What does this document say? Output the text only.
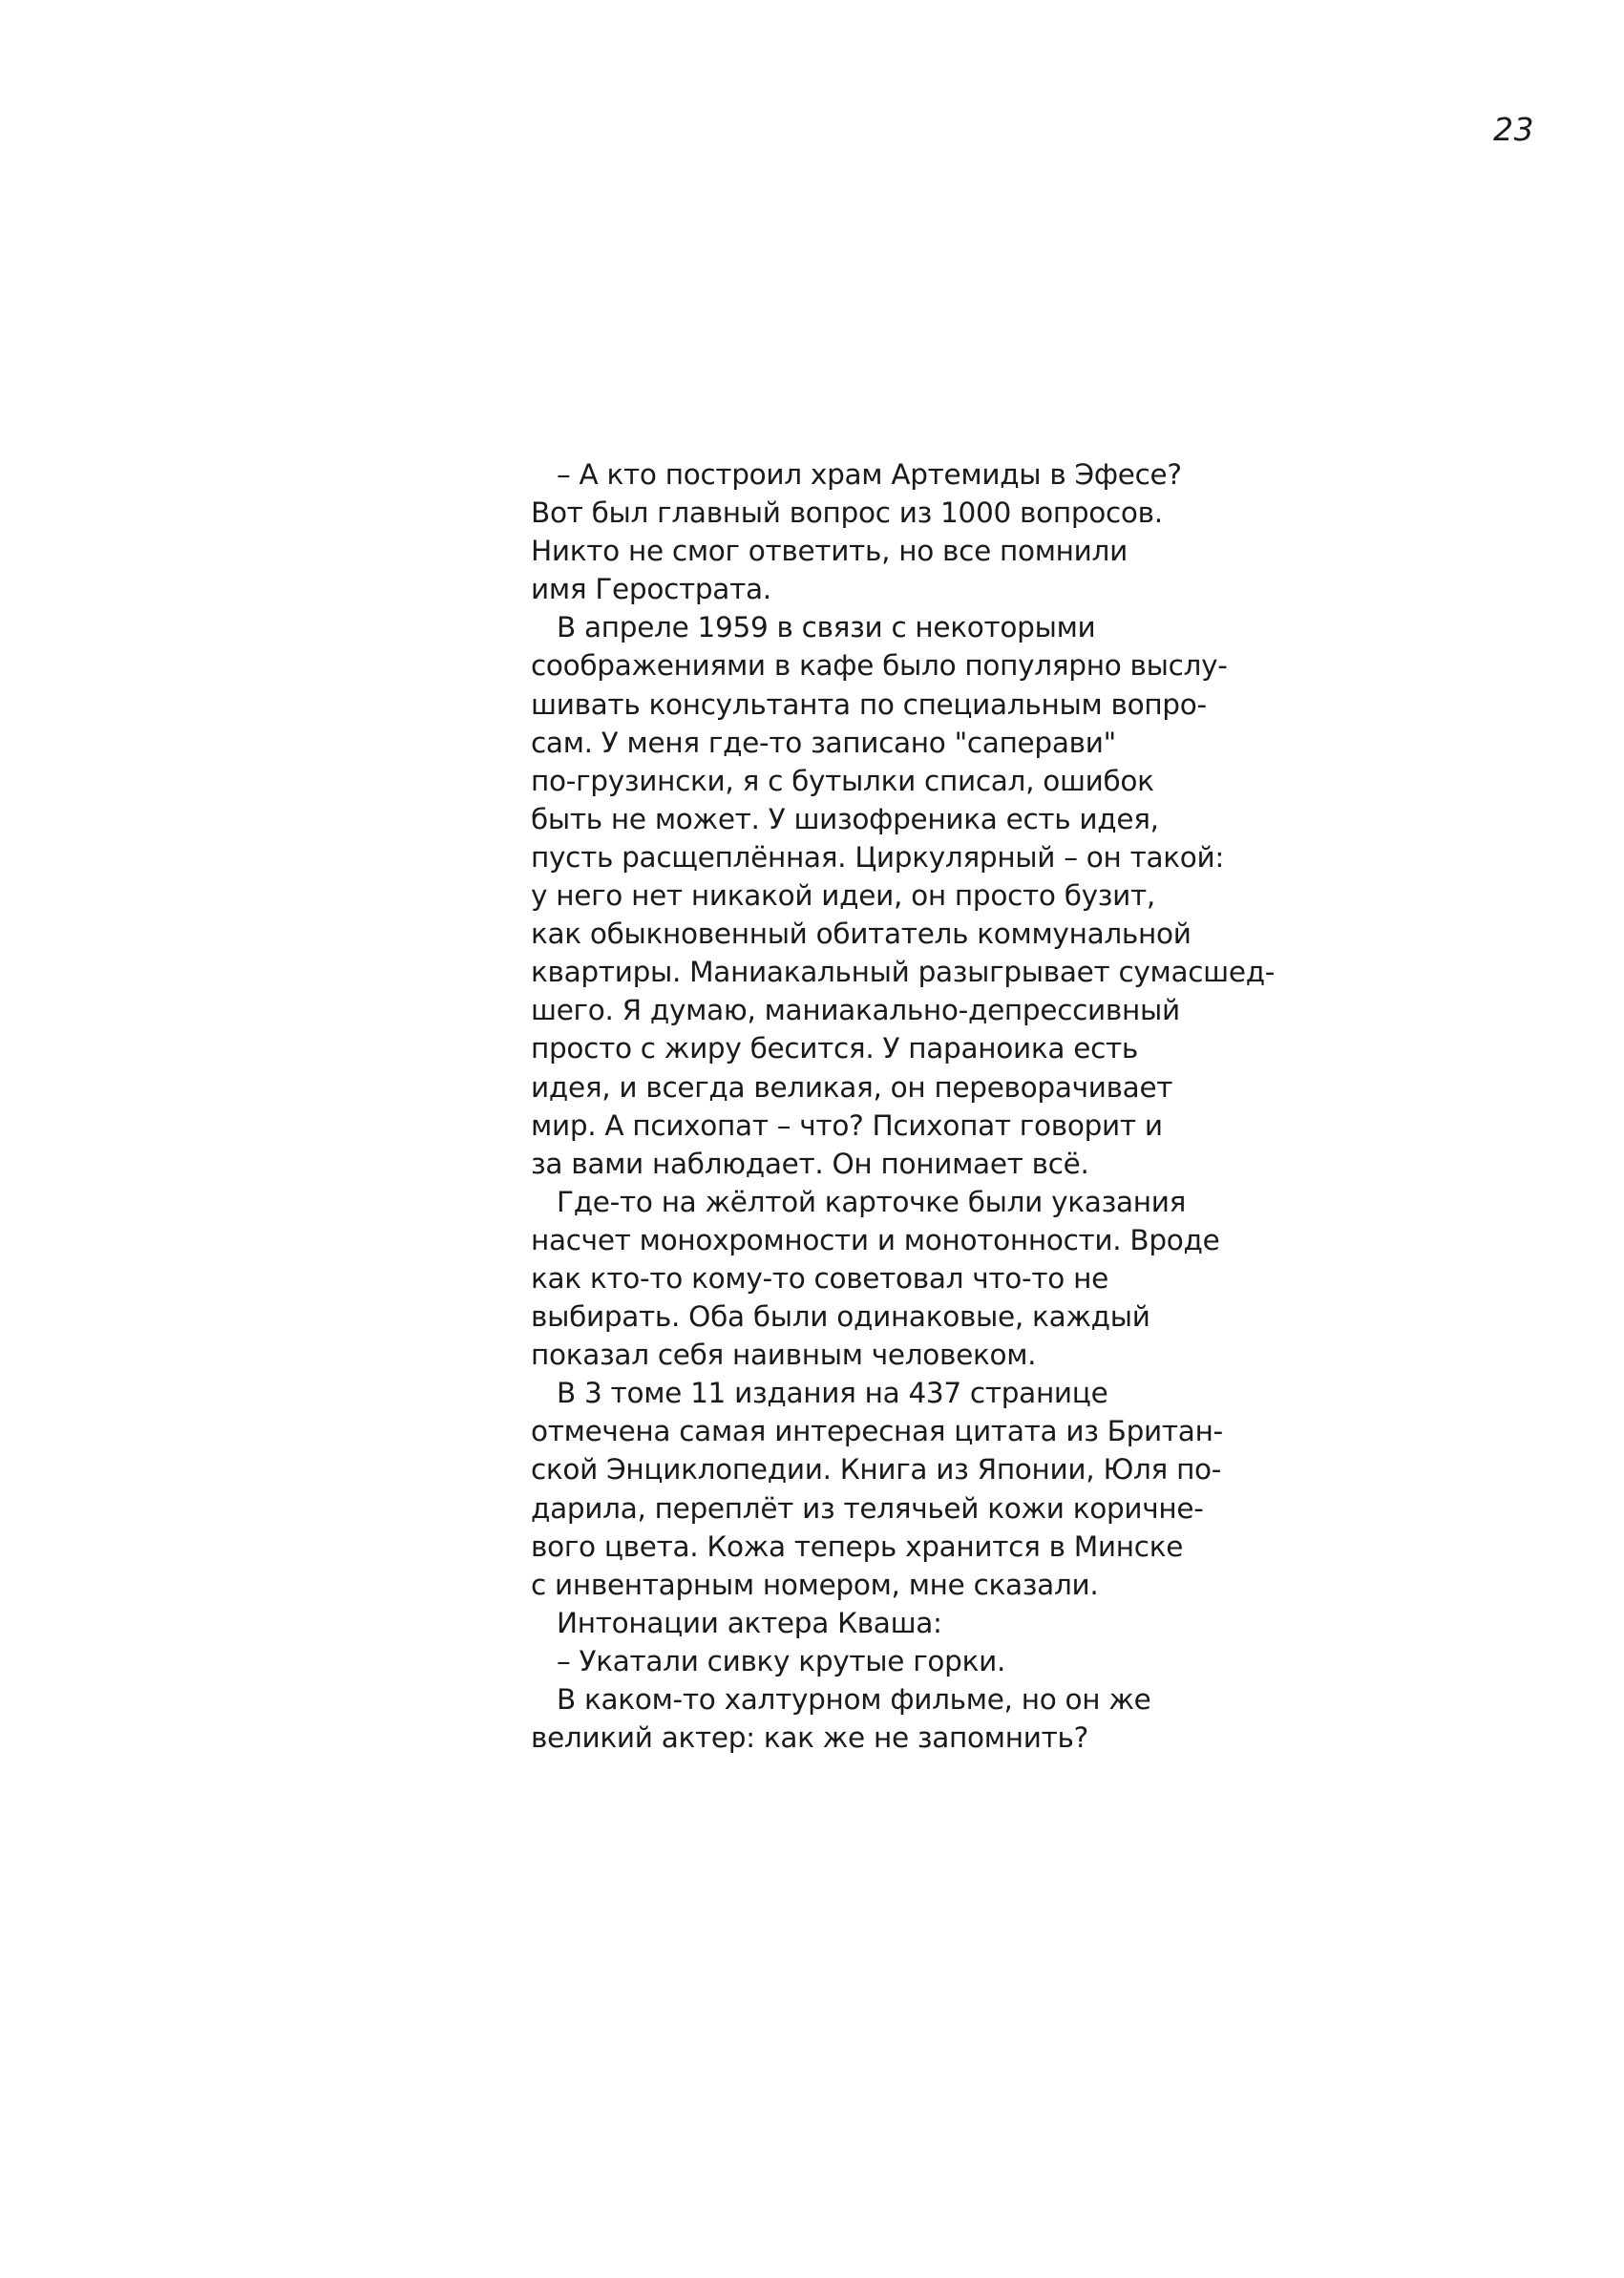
23
– А кто построил храм Артемиды в Эфесе?
Вот был главный вопрос из 1000 вопросов.
Никто не смог ответить, но все помнили
имя Герострата.
В апреле 1959 в связи с некоторыми
соображениями в кафе было популярно выслу-
шивать консультанта по специальным вопро-
сам. У меня где-то записано "саперави"
по-грузински, я с бутылки списал, ошибок
быть не может. У шизофреника есть идея,
пусть расщеплённая. Циркулярный – он такой:
у него нет никакой идеи, он просто бузит,
как обыкновенный обитатель коммунальной
квартиры. Маниакальный разыгрывает сумасшед-
шего. Я думаю, маниакально-депрессивный
просто с жиру бесится. У параноика есть
идея, и всегда великая, он переворачивает
мир. А психопат – что? Психопат говорит и
за вами наблюдает. Он понимает всё.
Где-то на жёлтой карточке были указания
насчет монохромности и монотонности. Вроде
как кто-то кому-то советовал что-то не
выбирать. Оба были одинаковые, каждый
показал себя наивным человеком.
В 3 томе 11 издания на 437 странице
отмечена самая интересная цитата из Британ-
ской Энциклопедии. Книга из Японии, Юля по-
дарила, переплёт из телячьей кожи коричне-
вого цвета. Кожа теперь хранится в Минске
с инвентарным номером, мне сказали.
Интонации актера Кваша:
– Укатали сивку крутые горки.
В каком-то халтурном фильме, но он же
великий актер: как же не запомнить?
